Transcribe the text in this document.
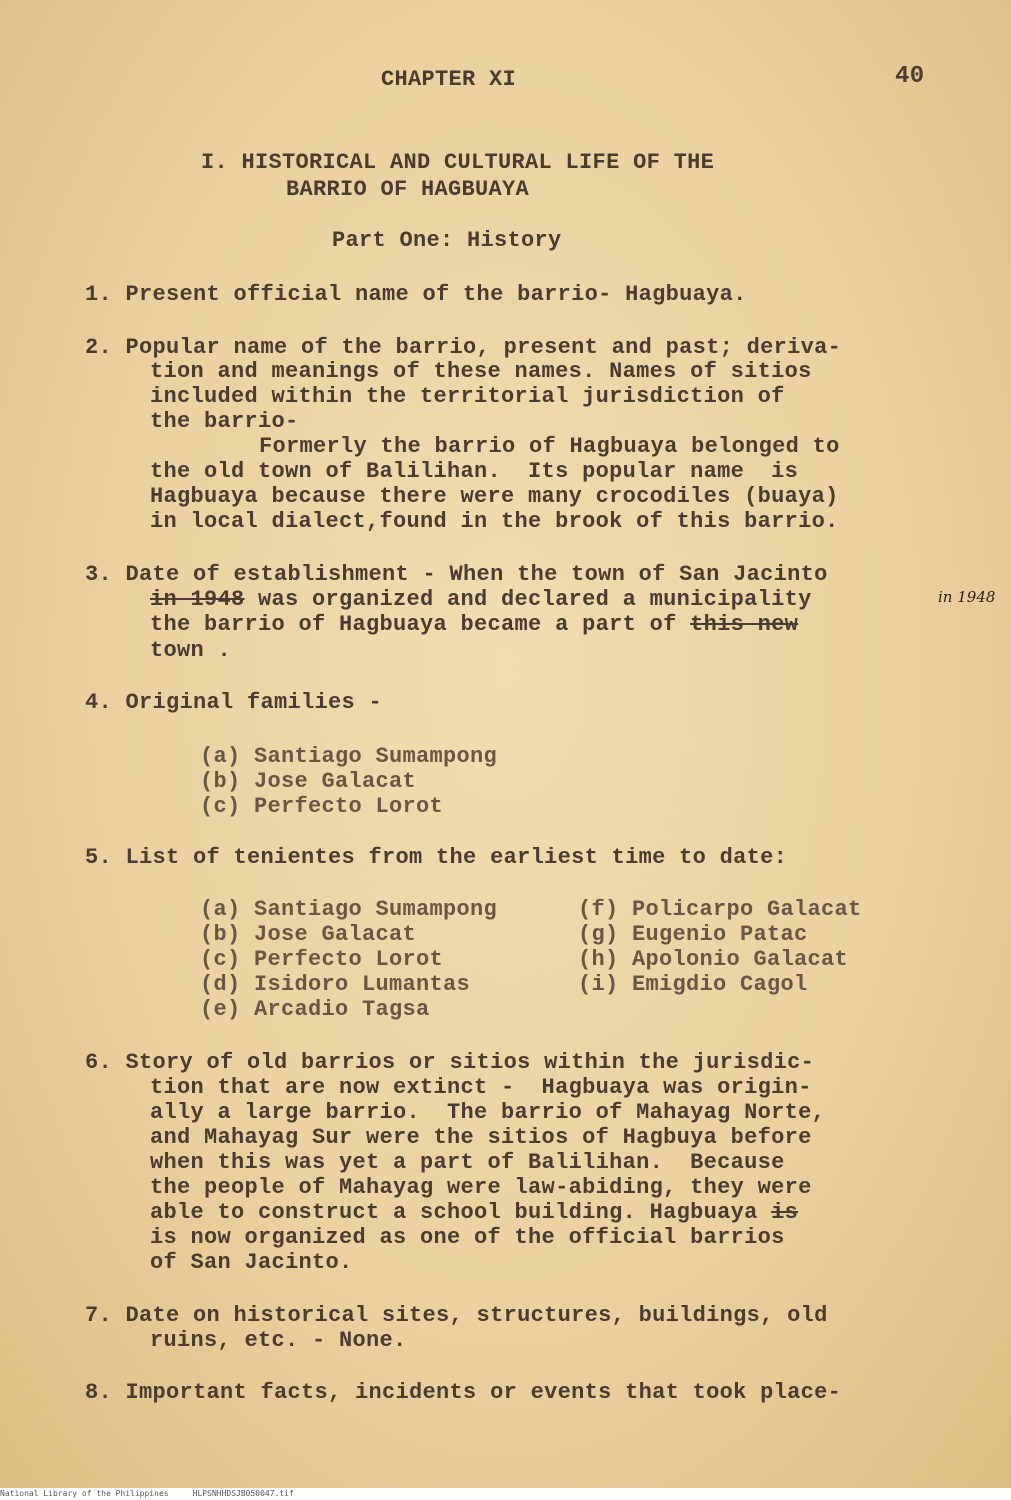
CHAPTER XI	40
I. HISTORICAL AND CULTURAL LIFE OF THE
BARRIO OF HAGBUAYA
Part One: History
1. Present official name of the barrio- Hagbuaya.
2. Popular name of the barrio, present and past; deriva-
tion and meanings of these names. Names of sitios
included within the territorial jurisdiction of
the barrio-
Formerly the barrio of Hagbuaya belonged to
the old town of Balilihan.  Its popular name  is
Hagbuaya because there were many crocodiles (buaya)
in local dialect,found in the brook of this barrio.
3. Date of establishment - When the town of San Jacinto
in 1948 was organized and declared a municipality	in 1948
the barrio of Hagbuaya became a part of this new
town .
4. Original families -
(a) Santiago Sumampong
(b) Jose Galacat
(c) Perfecto Lorot
5. List of tenientes from the earliest time to date:
(a) Santiago Sumampong
(b) Jose Galacat
(c) Perfecto Lorot
(d) Isidoro Lumantas
(e) Arcadio Tagsa
(f) Policarpo Galacat
(g) Eugenio Patac
(h) Apolonio Galacat
(i) Emigdio Cagol
6. Story of old barrios or sitios within the jurisdic-
tion that are now extinct -  Hagbuaya was origin-
ally a large barrio.  The barrio of Mahayag Norte,
and Mahayag Sur were the sitios of Hagbuya before
when this was yet a part of Balilihan.  Because
the people of Mahayag were law-abiding, they were
able to construct a school building. Hagbuaya is
is now organized as one of the official barrios
of San Jacinto.
7. Date on historical sites, structures, buildings, old
ruins, etc. - None.
8. Important facts, incidents or events that took place-
National Library of the Philippines	HLPSNHHDSJB050047.tif
